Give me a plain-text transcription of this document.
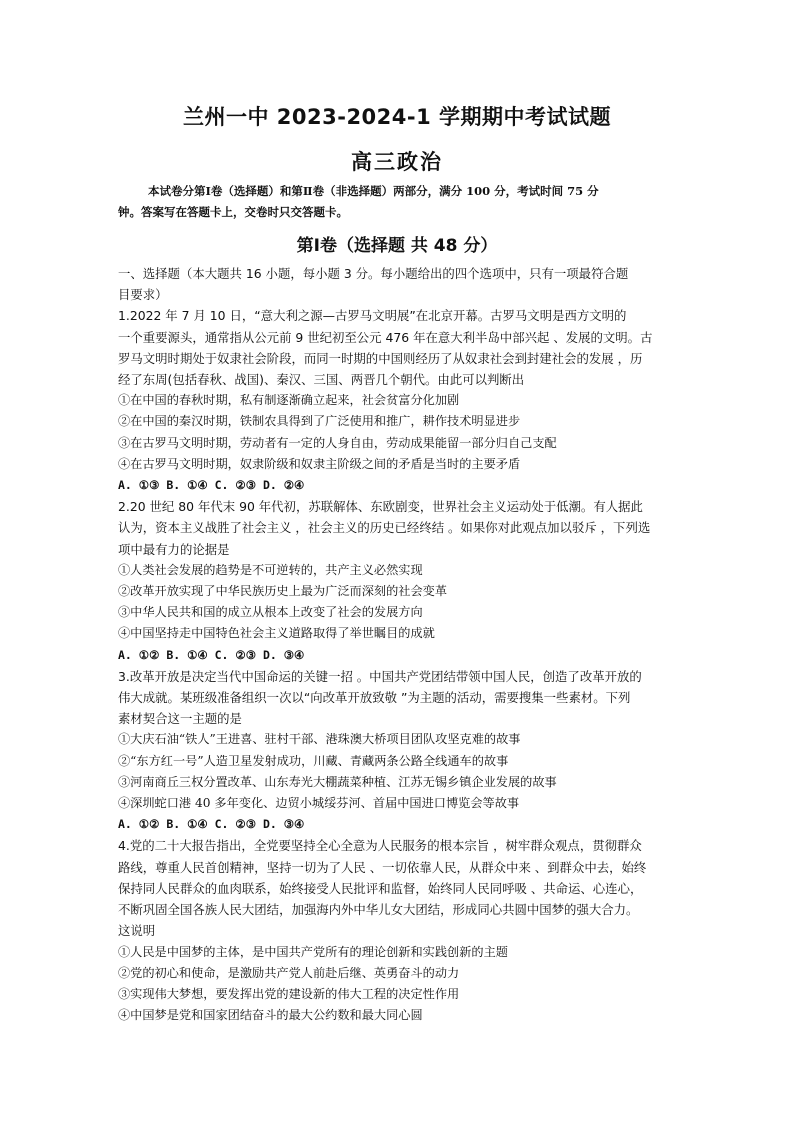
兰州一中 2023-2024-1 学期期中考试试题
高三政治
本试卷分第Ⅰ卷（选择题）和第Ⅱ卷（非选择题）两部分，满分 100 分，考试时间 75 分
钟。答案写在答题卡上，交卷时只交答题卡。
第Ⅰ卷（选择题 共 48 分）
一、选择题（本大题共 16 小题，每小题 3 分。每小题给出的四个选项中，只有一项最符合题
目要求）
1.2022 年 7 月 10 日，“意大利之源—古罗马文明展”在北京开幕。古罗马文明是西方文明的
一个重要源头，通常指从公元前 9 世纪初至公元 476 年在意大利半岛中部兴起 、发展的文明。古
罗马文明时期处于奴隶社会阶段，而同一时期的中国则经历了从奴隶社会到封建社会的发展 ，历
经了东周(包括春秋、战国)、秦汉、三国、两晋几个朝代。由此可以判断出
①在中国的春秋时期，私有制逐渐确立起来，社会贫富分化加剧
②在中国的秦汉时期，铁制农具得到了广泛使用和推广，耕作技术明显进步
③在古罗马文明时期，劳动者有一定的人身自由，劳动成果能留一部分归自己支配
④在古罗马文明时期，奴隶阶级和奴隶主阶级之间的矛盾是当时的主要矛盾
A. ①③ B. ①④ C. ②③ D. ②④
2.20 世纪 80 年代末 90 年代初，苏联解体、东欧剧变，世界社会主义运动处于低潮。有人据此
认为，资本主义战胜了社会主义 ，社会主义的历史已经终结 。如果你对此观点加以驳斥 ，下列选
项中最有力的论据是
①人类社会发展的趋势是不可逆转的，共产主义必然实现
②改革开放实现了中华民族历史上最为广泛而深刻的社会变革
③中华人民共和国的成立从根本上改变了社会的发展方向
④中国坚持走中国特色社会主义道路取得了举世瞩目的成就
A. ①② B. ①④ C. ②③ D. ③④
3.改革开放是决定当代中国命运的关键一招 。中国共产党团结带领中国人民，创造了改革开放的
伟大成就。某班级准备组织一次以“向改革开放致敬 ”为主题的活动，需要搜集一些素材。下列
素材契合这一主题的是
①大庆石油“铁人”王进喜、驻村干部、港珠澳大桥项目团队攻坚克难的故事
②“东方红一号”人造卫星发射成功，川藏、青藏两条公路全线通车的故事
③河南商丘三权分置改革、山东寿光大棚蔬菜种植、江苏无锡乡镇企业发展的故事
④深圳蛇口港 40 多年变化、边贸小城绥芬河、首届中国进口博览会等故事
A. ①② B. ①④ C. ②③ D. ③④
4.党的二十大报告指出，全党要坚持全心全意为人民服务的根本宗旨 ，树牢群众观点，贯彻群众
路线，尊重人民首创精神，坚持一切为了人民 、一切依靠人民，从群众中来 、到群众中去，始终
保持同人民群众的血肉联系，始终接受人民批评和监督，始终同人民同呼吸 、共命运、心连心，
不断巩固全国各族人民大团结，加强海内外中华儿女大团结，形成同心共圆中国梦的强大合力。
这说明
①人民是中国梦的主体，是中国共产党所有的理论创新和实践创新的主题
②党的初心和使命，是激励共产党人前赴后继、英勇奋斗的动力
③实现伟大梦想，要发挥出党的建设新的伟大工程的决定性作用
④中国梦是党和国家团结奋斗的最大公约数和最大同心圆
